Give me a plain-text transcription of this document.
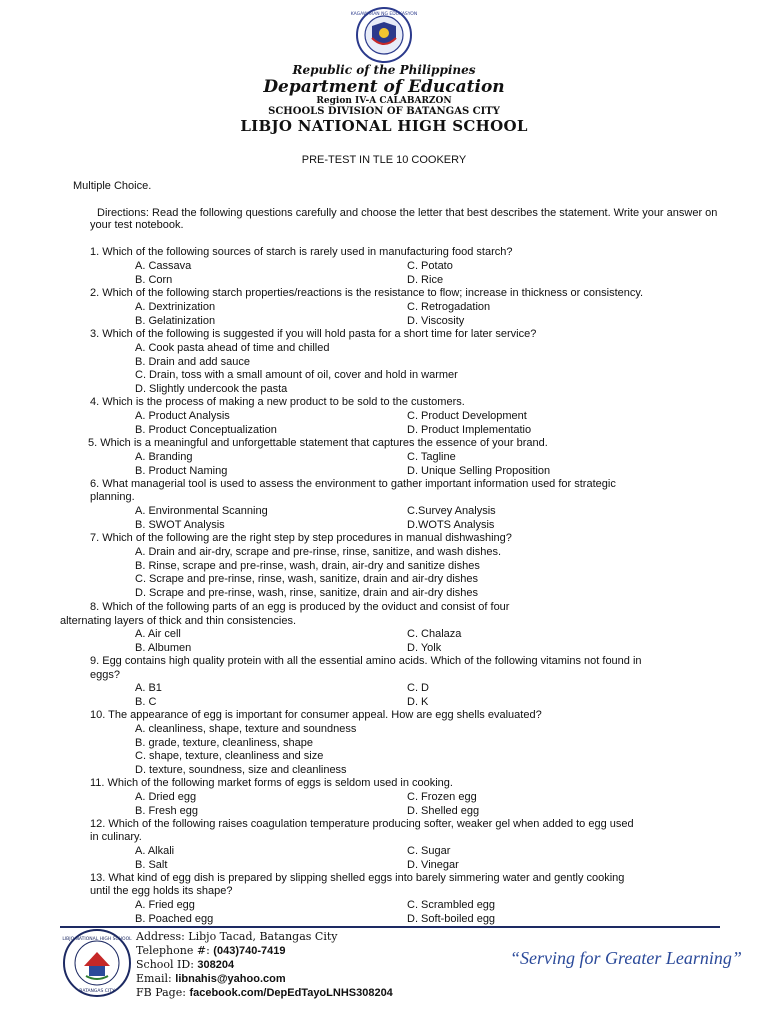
KAGAWARAN NG EDUKASYON
Republic of the Philippines
Department of Education
Region IV-A CALABARZON
SCHOOLS DIVISION OF BATANGAS CITY
LIBJO NATIONAL HIGH SCHOOL
PRE-TEST IN TLE 10 COOKERY
Multiple Choice.
Directions: Read the following questions carefully and choose the letter that best describes the statement. Write your answer on your test notebook.
1. Which of the following sources of starch is rarely used in manufacturing food starch?
A. Cassava	C. Potato
B. Corn	D. Rice
2. Which of the following starch properties/reactions is the resistance to flow; increase in thickness or consistency.
A. Dextrinization	C. Retrogadation
B. Gelatinization	D. Viscosity
3. Which of the following is suggested if you will hold pasta for a short time for later service?
A. Cook pasta ahead of time and chilled
B. Drain and add sauce
C. Drain, toss with a small amount of oil, cover and hold in warmer
D. Slightly undercook the pasta
4. Which is the process of making a new product to be sold to the customers.
A. Product Analysis	C. Product Development
B. Product Conceptualization	D. Product Implementatio
5. Which is a meaningful and unforgettable statement that captures the essence of your brand.
A. Branding	C. Tagline
B. Product Naming	D. Unique Selling Proposition
6. What managerial tool is used to assess the environment to gather important information used for strategic
planning.
A. Environmental Scanning	C.Survey Analysis
B. SWOT Analysis	D.WOTS Analysis
7. Which of the following are the right step by step procedures in manual dishwashing?
A. Drain and air-dry, scrape and pre-rinse, rinse, sanitize, and wash dishes.
B. Rinse, scrape and pre-rinse, wash, drain, air-dry and sanitize dishes
C. Scrape and pre-rinse, rinse, wash, sanitize, drain and air-dry dishes
D. Scrape and pre-rinse, wash, rinse, sanitize, drain and air-dry dishes
8. Which of the following parts of an egg is produced by the oviduct and consist of four
alternating layers of thick and thin consistencies.
A. Air cell	C. Chalaza
B. Albumen	D. Yolk
9. Egg contains high quality protein with all the essential amino acids. Which of the following vitamins not found in
eggs?
A. B1	C. D
B. C	D. K
10. The appearance of egg is important for consumer appeal. How are egg shells evaluated?
A. cleanliness, shape, texture and soundness
B. grade, texture, cleanliness, shape
C. shape, texture, cleanliness and size
D. texture, soundness, size and cleanliness
11. Which of the following market forms of eggs is seldom used in cooking.
A. Dried egg	C. Frozen egg
B. Fresh egg	D. Shelled egg
12. Which of the following raises coagulation temperature producing softer, weaker gel when added to egg used
in culinary.
A. Alkali	C. Sugar
B. Salt	D. Vinegar
13. What kind of egg dish is prepared by slipping shelled eggs into barely simmering water and gently cooking
until the egg holds its shape?
A. Fried egg	C. Scrambled egg
B. Poached egg	D. Soft-boiled egg
LIBJO NATIONAL HIGH SCHOOL
BATANGAS CITY
Address: Libjo Tacad, Batangas City
Telephone #: (043)740-7419
School ID: 308204
Email: libnahis@yahoo.com
FB Page: facebook.com/DepEdTayoLNHS308204
“Serving for Greater Learning”
